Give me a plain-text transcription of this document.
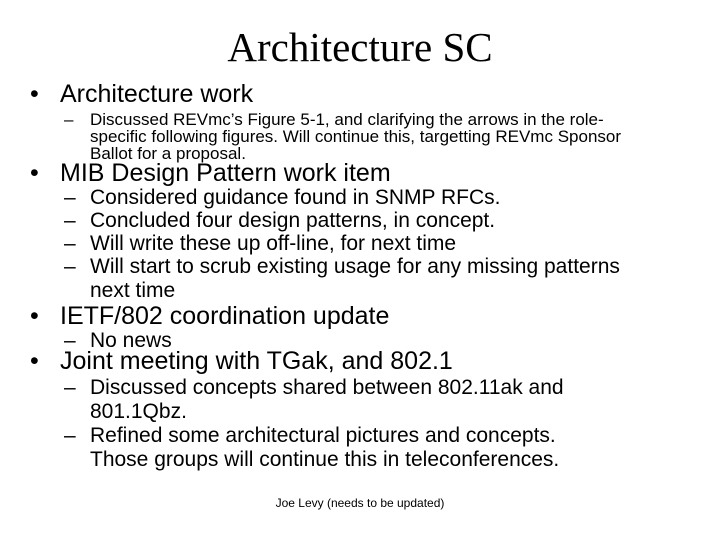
Architecture SC
• Architecture work
– Discussed REVmc’s Figure 5-1, and clarifying the arrows in the role-
specific following figures. Will continue this, targetting REVmc Sponsor
Ballot for a proposal.
• MIB Design Pattern work item
– Considered guidance found in SNMP RFCs.
– Concluded four design patterns, in concept.
– Will write these up off-line, for next time
– Will start to scrub existing usage for any missing patterns
next time
• IETF/802 coordination update
– No news
• Joint meeting with TGak, and 802.1
– Discussed concepts shared between 802.11ak and
801.1Qbz.
– Refined some architectural pictures and concepts.
Those groups will continue this in teleconferences.
Joe Levy (needs to be updated)
